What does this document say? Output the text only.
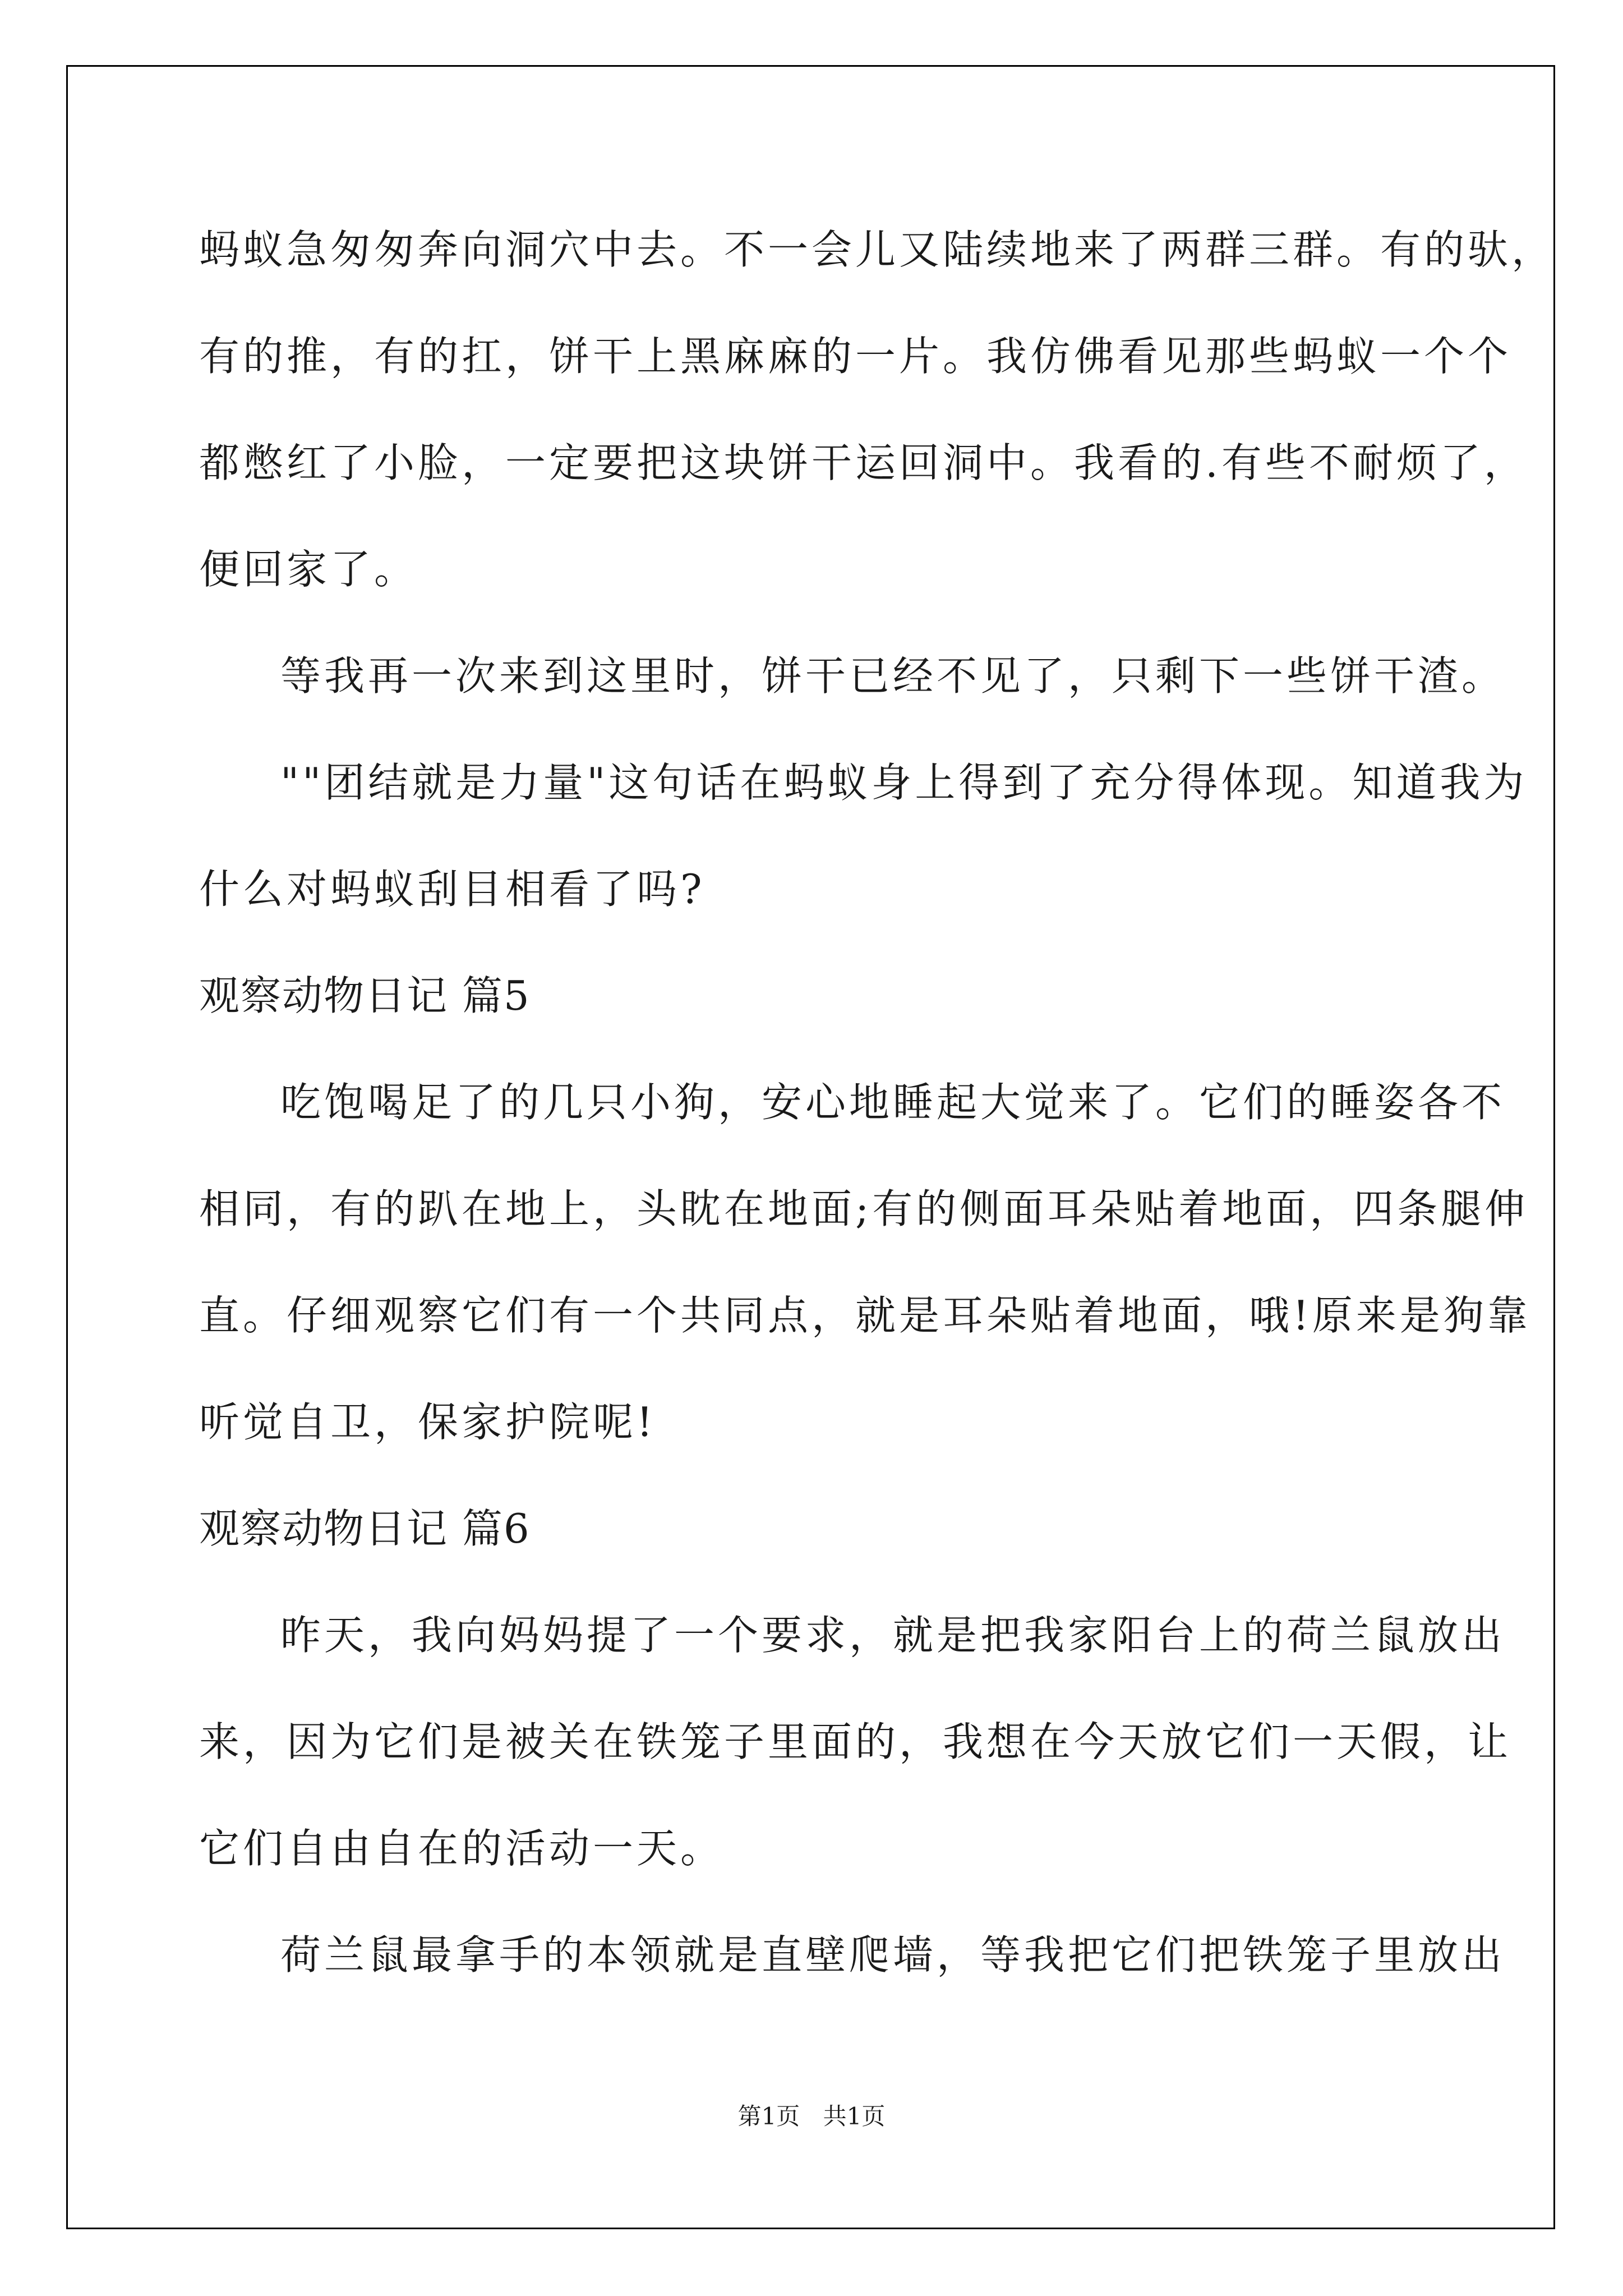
蚂蚁急匆匆奔向洞穴中去。不一会儿又陆续地来了两群三群。有的驮，
有的推，有的扛，饼干上黑麻麻的一片。我仿佛看见那些蚂蚁一个个
都憋红了小脸，一定要把这块饼干运回洞中。我看的.有些不耐烦了，
便回家了。
等我再一次来到这里时，饼干已经不见了，只剩下一些饼干渣。
""团结就是力量"这句话在蚂蚁身上得到了充分得体现。知道我为
什么对蚂蚁刮目相看了吗?
观察动物日记 篇5
吃饱喝足了的几只小狗，安心地睡起大觉来了。它们的睡姿各不
相同，有的趴在地上，头眈在地面;有的侧面耳朵贴着地面，四条腿伸
直。仔细观察它们有一个共同点，就是耳朵贴着地面，哦!原来是狗靠
听觉自卫，保家护院呢!
观察动物日记 篇6
昨天，我向妈妈提了一个要求，就是把我家阳台上的荷兰鼠放出
来，因为它们是被关在铁笼子里面的，我想在今天放它们一天假，让
它们自由自在的活动一天。
荷兰鼠最拿手的本领就是直壁爬墙，等我把它们把铁笼子里放出
第1页 共1页
